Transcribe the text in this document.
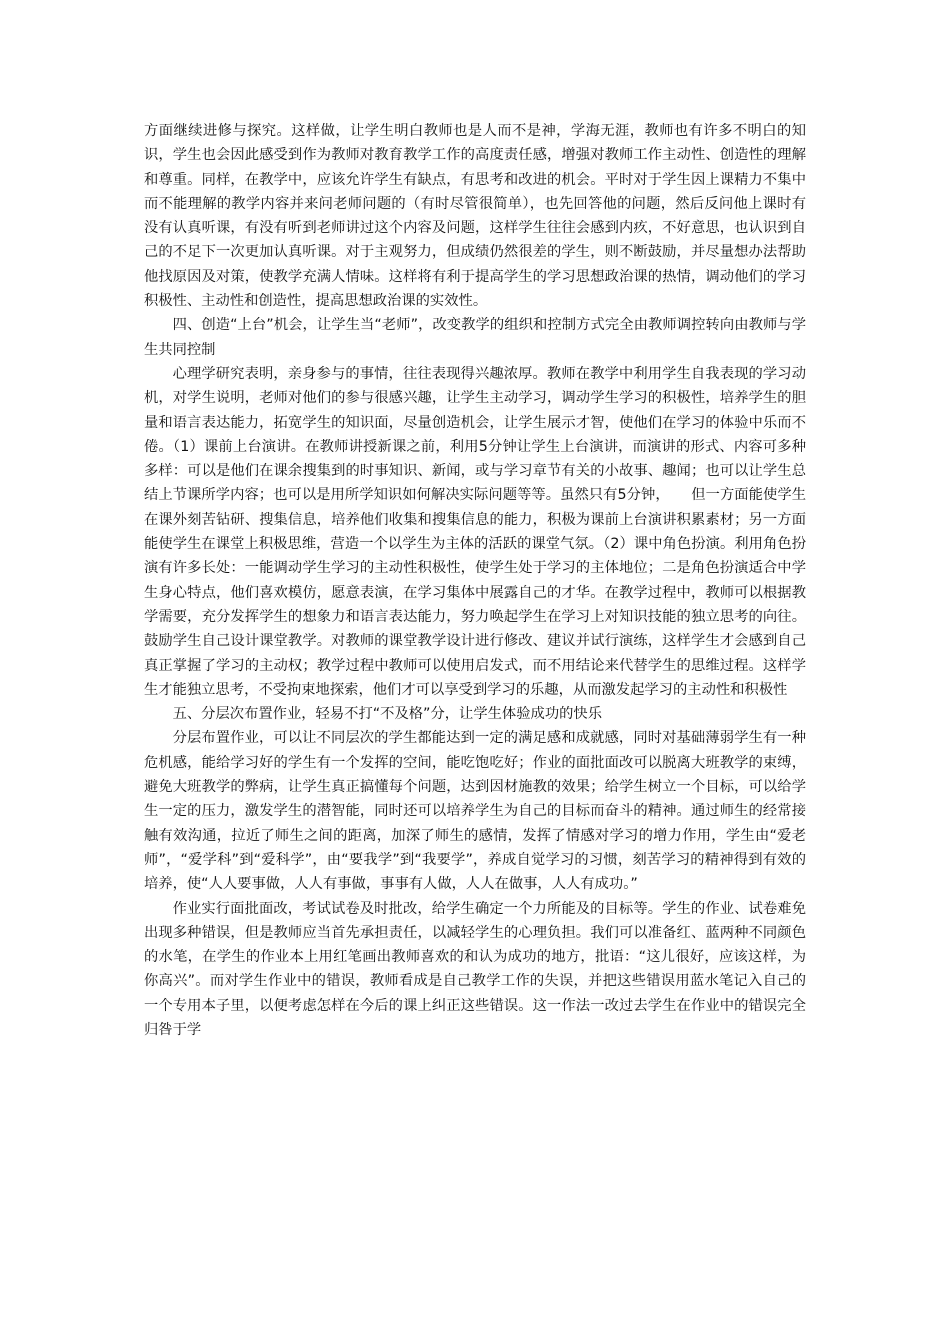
方面继续进修与探究。这样做，让学生明白教师也是人而不是神，学海无涯，教师也有许多不明白的知识，学生也会因此感受到作为教师对教育教学工作的高度责任感，增强对教师工作主动性、创造性的理解和尊重。同样，在教学中，应该允许学生有缺点，有思考和改进的机会。平时对于学生因上课精力不集中而不能理解的教学内容并来问老师问题的（有时尽管很简单），也先回答他的问题，然后反问他上课时有没有认真听课，有没有听到老师讲过这个内容及问题，这样学生往往会感到内疚，不好意思，也认识到自己的不足下一次更加认真听课。对于主观努力，但成绩仍然很差的学生，则不断鼓励，并尽量想办法帮助他找原因及对策，使教学充满人情味。这样将有利于提高学生的学习思想政治课的热情，调动他们的学习积极性、主动性和创造性，提高思想政治课的实效性。

四、创造“上台”机会，让学生当“老师”，改变教学的组织和控制方式完全由教师调控转向由教师与学生共同控制

心理学研究表明，亲身参与的事情，往往表现得兴趣浓厚。教师在教学中利用学生自我表现的学习动机，对学生说明，老师对他们的参与很感兴趣，让学生主动学习，调动学生学习的积极性，培养学生的胆量和语言表达能力，拓宽学生的知识面，尽量创造机会，让学生展示才智，使他们在学习的体验中乐而不倦。（1）课前上台演讲。在教师讲授新课之前，利用5分钟让学生上台演讲，而演讲的形式、内容可多种多样：可以是他们在课余搜集到的时事知识、新闻，或与学习章节有关的小故事、趣闻；也可以让学生总结上节课所学内容；也可以是用所学知识如何解决实际问题等等。虽然只有5分钟，　　但一方面能使学生在课外刻苦钻研、搜集信息，培养他们收集和搜集信息的能力，积极为课前上台演讲积累素材；另一方面能使学生在课堂上积极思维，营造一个以学生为主体的活跃的课堂气氛。（2）课中角色扮演。利用角色扮演有许多长处：一能调动学生学习的主动性积极性，使学生处于学习的主体地位；二是角色扮演适合中学生身心特点，他们喜欢模仿，愿意表演，在学习集体中展露自己的才华。在教学过程中，教师可以根据教学需要，充分发挥学生的想象力和语言表达能力，努力唤起学生在学习上对知识技能的独立思考的向往。鼓励学生自己设计课堂教学。对教师的课堂教学设计进行修改、建议并试行演练，这样学生才会感到自己真正掌握了学习的主动权；教学过程中教师可以使用启发式，而不用结论来代替学生的思维过程。这样学生才能独立思考，不受拘束地探索，他们才可以享受到学习的乐趣，从而激发起学习的主动性和积极性

五、分层次布置作业，轻易不打“不及格”分，让学生体验成功的快乐

分层布置作业，可以让不同层次的学生都能达到一定的满足感和成就感，同时对基础薄弱学生有一种危机感，能给学习好的学生有一个发挥的空间，能吃饱吃好；作业的面批面改可以脱离大班教学的束缚，避免大班教学的弊病，让学生真正搞懂每个问题，达到因材施教的效果；给学生树立一个目标，可以给学生一定的压力，激发学生的潜智能，同时还可以培养学生为自己的目标而奋斗的精神。通过师生的经常接触有效沟通，拉近了师生之间的距离，加深了师生的感情，发挥了情感对学习的增力作用，学生由“爱老师”，“爱学科”到“爱科学”，由“要我学”到“我要学”，养成自觉学习的习惯，刻苦学习的精神得到有效的培养，使“人人要事做，人人有事做，事事有人做，人人在做事，人人有成功。”

作业实行面批面改，考试试卷及时批改，给学生确定一个力所能及的目标等。学生的作业、试卷难免出现多种错误，但是教师应当首先承担责任，以减轻学生的心理负担。我们可以准备红、蓝两种不同颜色的水笔，在学生的作业本上用红笔画出教师喜欢的和认为成功的地方，批语：“这儿很好，应该这样，为你高兴”。而对学生作业中的错误，教师看成是自己教学工作的失误，并把这些错误用蓝水笔记入自己的一个专用本子里，以便考虑怎样在今后的课上纠正这些错误。这一作法一改过去学生在作业中的错误完全归咎于学
